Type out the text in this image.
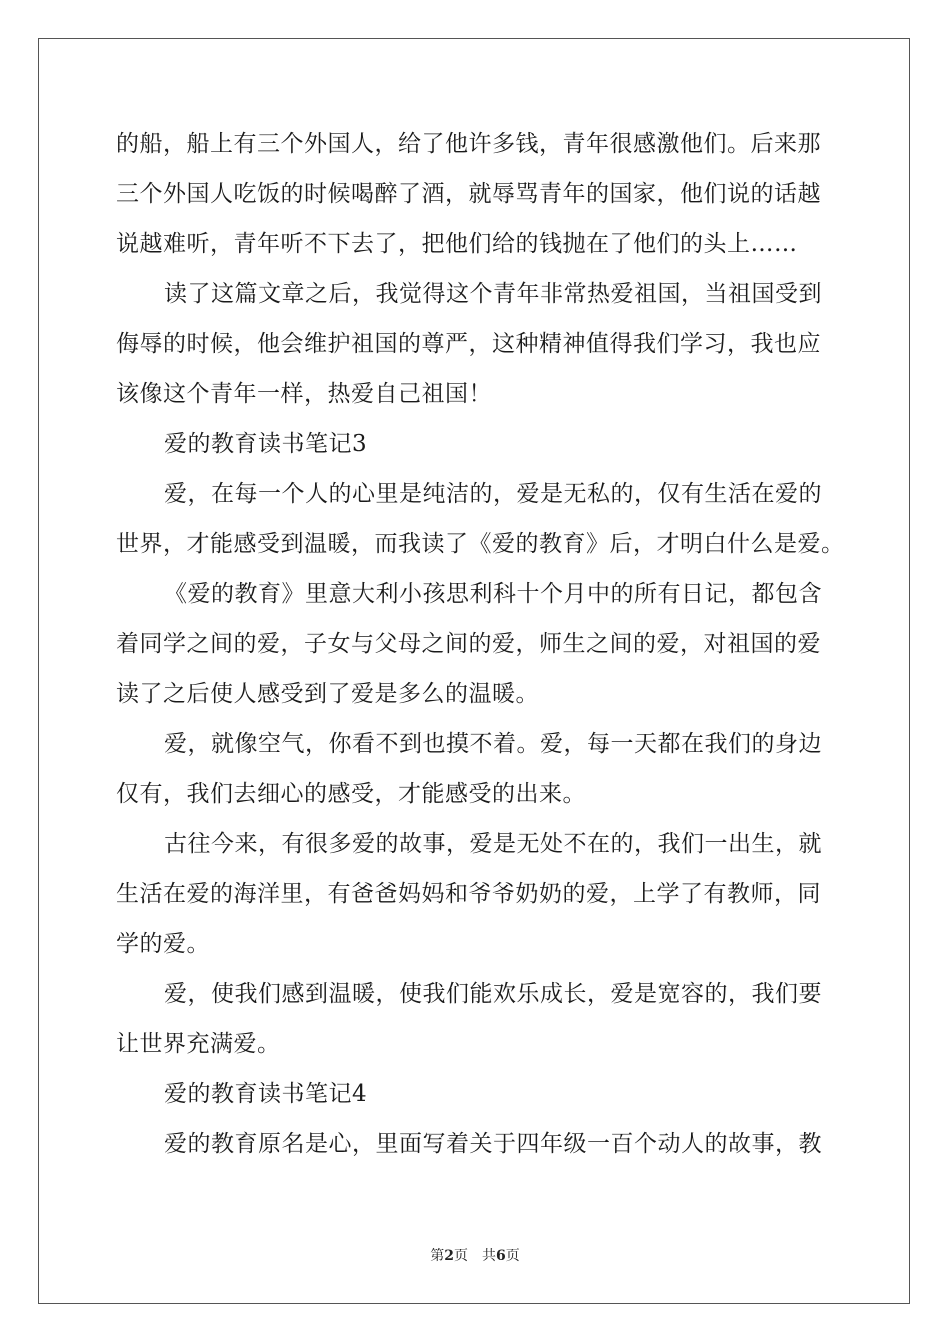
的船，船上有三个外国人，给了他许多钱，青年很感激他们。后来那
三个外国人吃饭的时候喝醉了酒，就辱骂青年的国家，他们说的话越
说越难听，青年听不下去了，把他们给的钱抛在了他们的头上……
读了这篇文章之后，我觉得这个青年非常热爱祖国，当祖国受到
侮辱的时候，他会维护祖国的尊严，这种精神值得我们学习，我也应
该像这个青年一样，热爱自己祖国！
爱的教育读书笔记3
爱，在每一个人的心里是纯洁的，爱是无私的，仅有生活在爱的
世界，才能感受到温暖，而我读了《爱的教育》后，才明白什么是爱。
《爱的教育》里意大利小孩思利科十个月中的所有日记，都包含
着同学之间的爱，子女与父母之间的爱，师生之间的爱，对祖国的爱
读了之后使人感受到了爱是多么的温暖。
爱，就像空气，你看不到也摸不着。爱，每一天都在我们的身边
仅有，我们去细心的感受，才能感受的出来。
古往今来，有很多爱的故事，爱是无处不在的，我们一出生，就
生活在爱的海洋里，有爸爸妈妈和爷爷奶奶的爱，上学了有教师，同
学的爱。
爱，使我们感到温暖，使我们能欢乐成长，爱是宽容的，我们要
让世界充满爱。
爱的教育读书笔记4
爱的教育原名是心，里面写着关于四年级一百个动人的故事，教
第2页　共6页
